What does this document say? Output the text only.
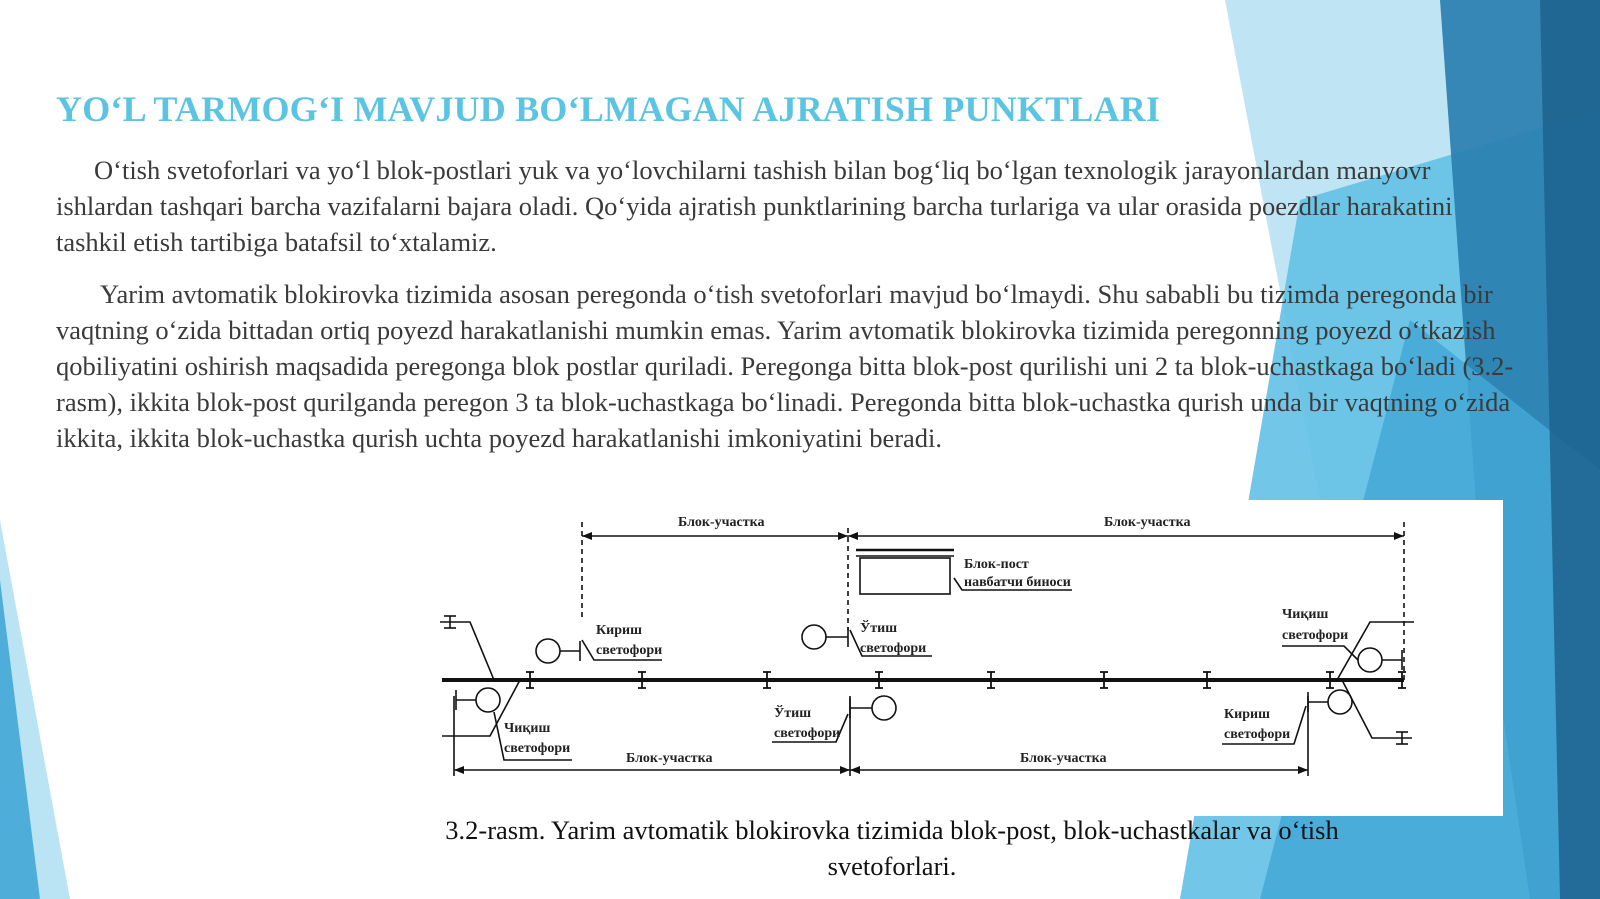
YO‘L TARMOG‘I MAVJUD BO‘LMAGAN AJRATISH PUNKTLARI

O‘tish svetoforlari va yo‘l blok-postlari yuk va yo‘lovchilarni tashish bilan bog‘liq bo‘lgan texnologik jarayonlardan manyovr ishlardan tashqari barcha vazifalarni bajara oladi. Qo‘yida ajratish punktlarining barcha turlariga va ular orasida poezdlar harakatini tashkil etish tartibiga batafsil to‘xtalamiz.

Yarim avtomatik blokirovka tizimida asosan peregonda o‘tish svetoforlari mavjud bo‘lmaydi. Shu sababli bu tizimda peregonda bir vaqtning o‘zida bittadan ortiq poyezd harakatlanishi mumkin emas. Yarim avtomatik blokirovka tizimida peregonning poyezd o‘tkazish qobiliyatini oshirish maqsadida peregonga blok postlar quriladi. Peregonga bitta blok-post qurilishi uni 2 ta blok-uchastkaga bo‘ladi (3.2-rasm), ikkita blok-post qurilganda peregon 3 ta blok-uchastkaga bo‘linadi. Peregonda bitta blok-uchastka qurish unda bir vaqtning o‘zida ikkita, ikkita blok-uchastka qurish uchta poyezd harakatlanishi imkoniyatini beradi.

Блок-участка	Блок-участка
Блок-участка	Блок-участка
Блок-пост
навбатчи биноси
Кириш
светофори
Чиқиш
светофори
Ўтиш
светофори
Ўтиш
светофори
Чиқиш
светофори
Кириш
светофори

3.2-rasm. Yarim avtomatik blokirovka tizimida blok-post, blok-uchastkalar va o‘tish svetoforlari.
